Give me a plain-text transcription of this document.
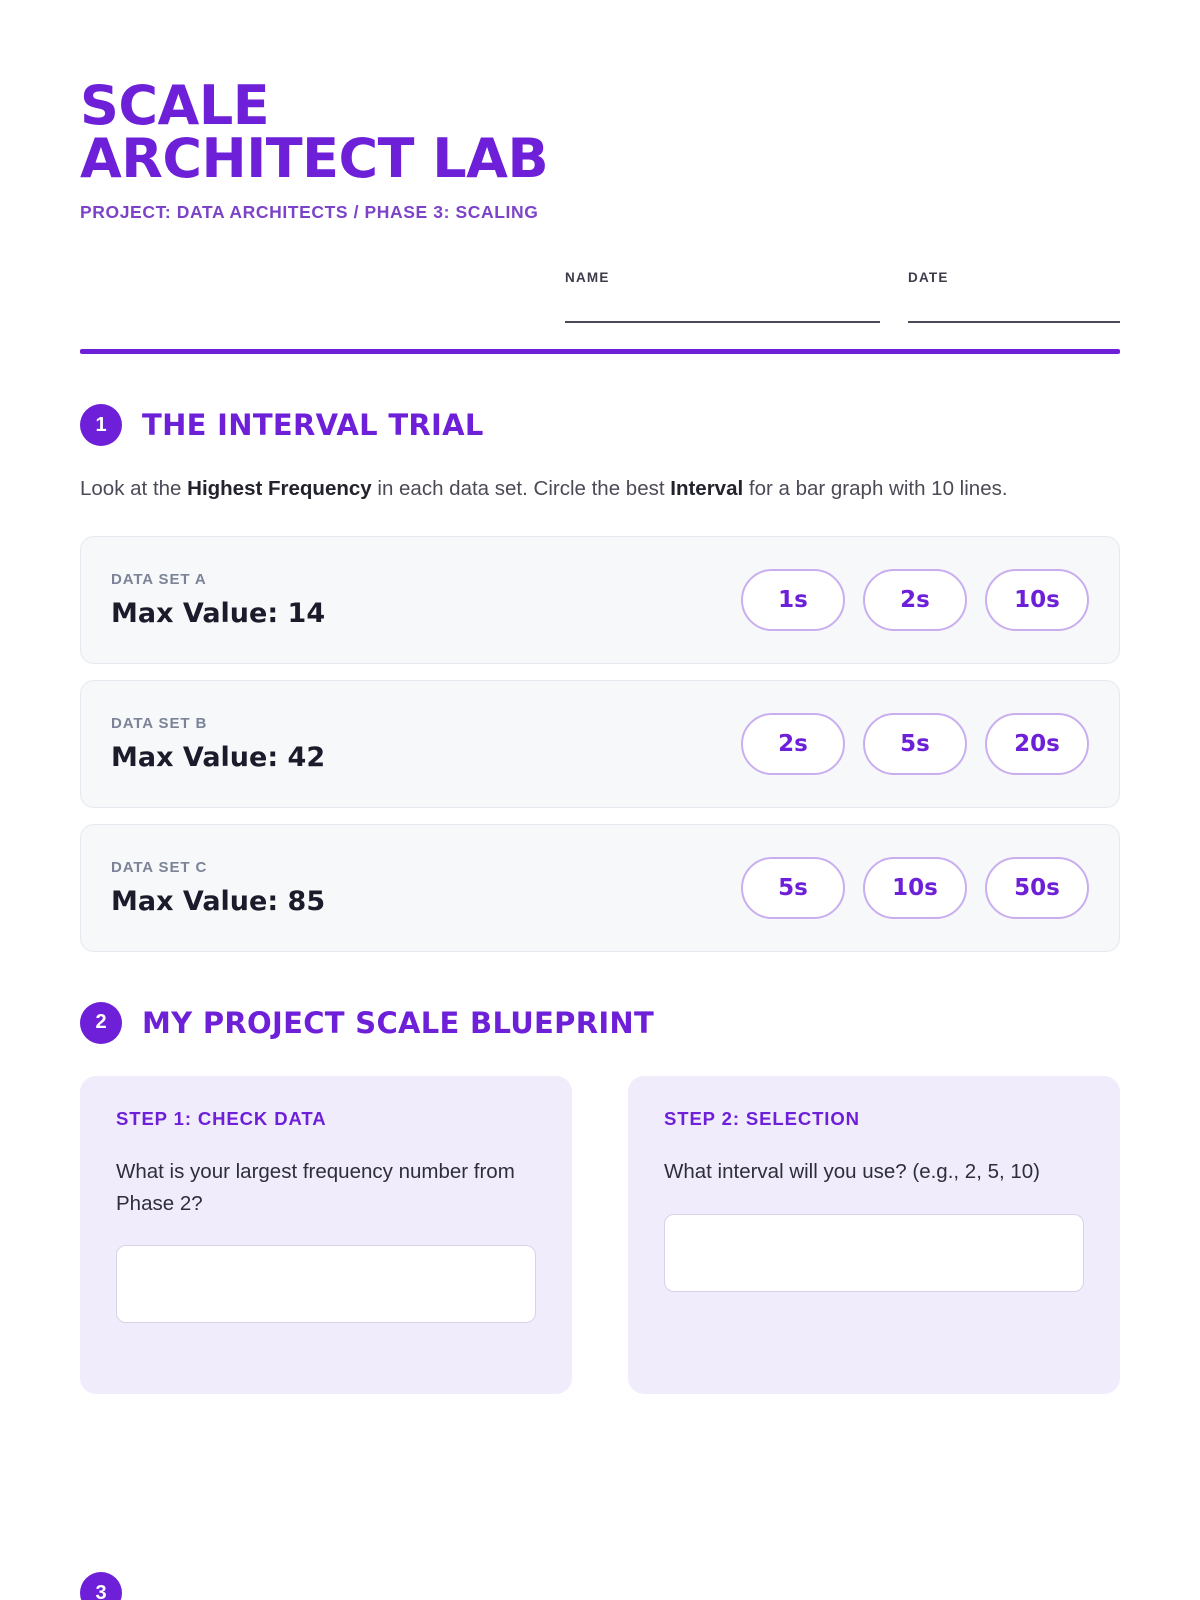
SCALE ARCHITECT LAB
PROJECT: DATA ARCHITECTS / PHASE 3: SCALING
NAME	DATE
1	THE INTERVAL TRIAL

Look at the Highest Frequency in each data set. Circle the best Interval for a bar graph with 10 lines.

DATA SET A
Max Value: 14	1s	2s	10s
DATA SET B
Max Value: 42	2s	5s	20s
DATA SET C
Max Value: 85	5s	10s	50s
2	MY PROJECT SCALE BLUEPRINT
STEP 1: CHECK DATA
What is your largest frequency number from Phase 2?
STEP 2: SELECTION
What interval will you use? (e.g., 2, 5, 10)
3
